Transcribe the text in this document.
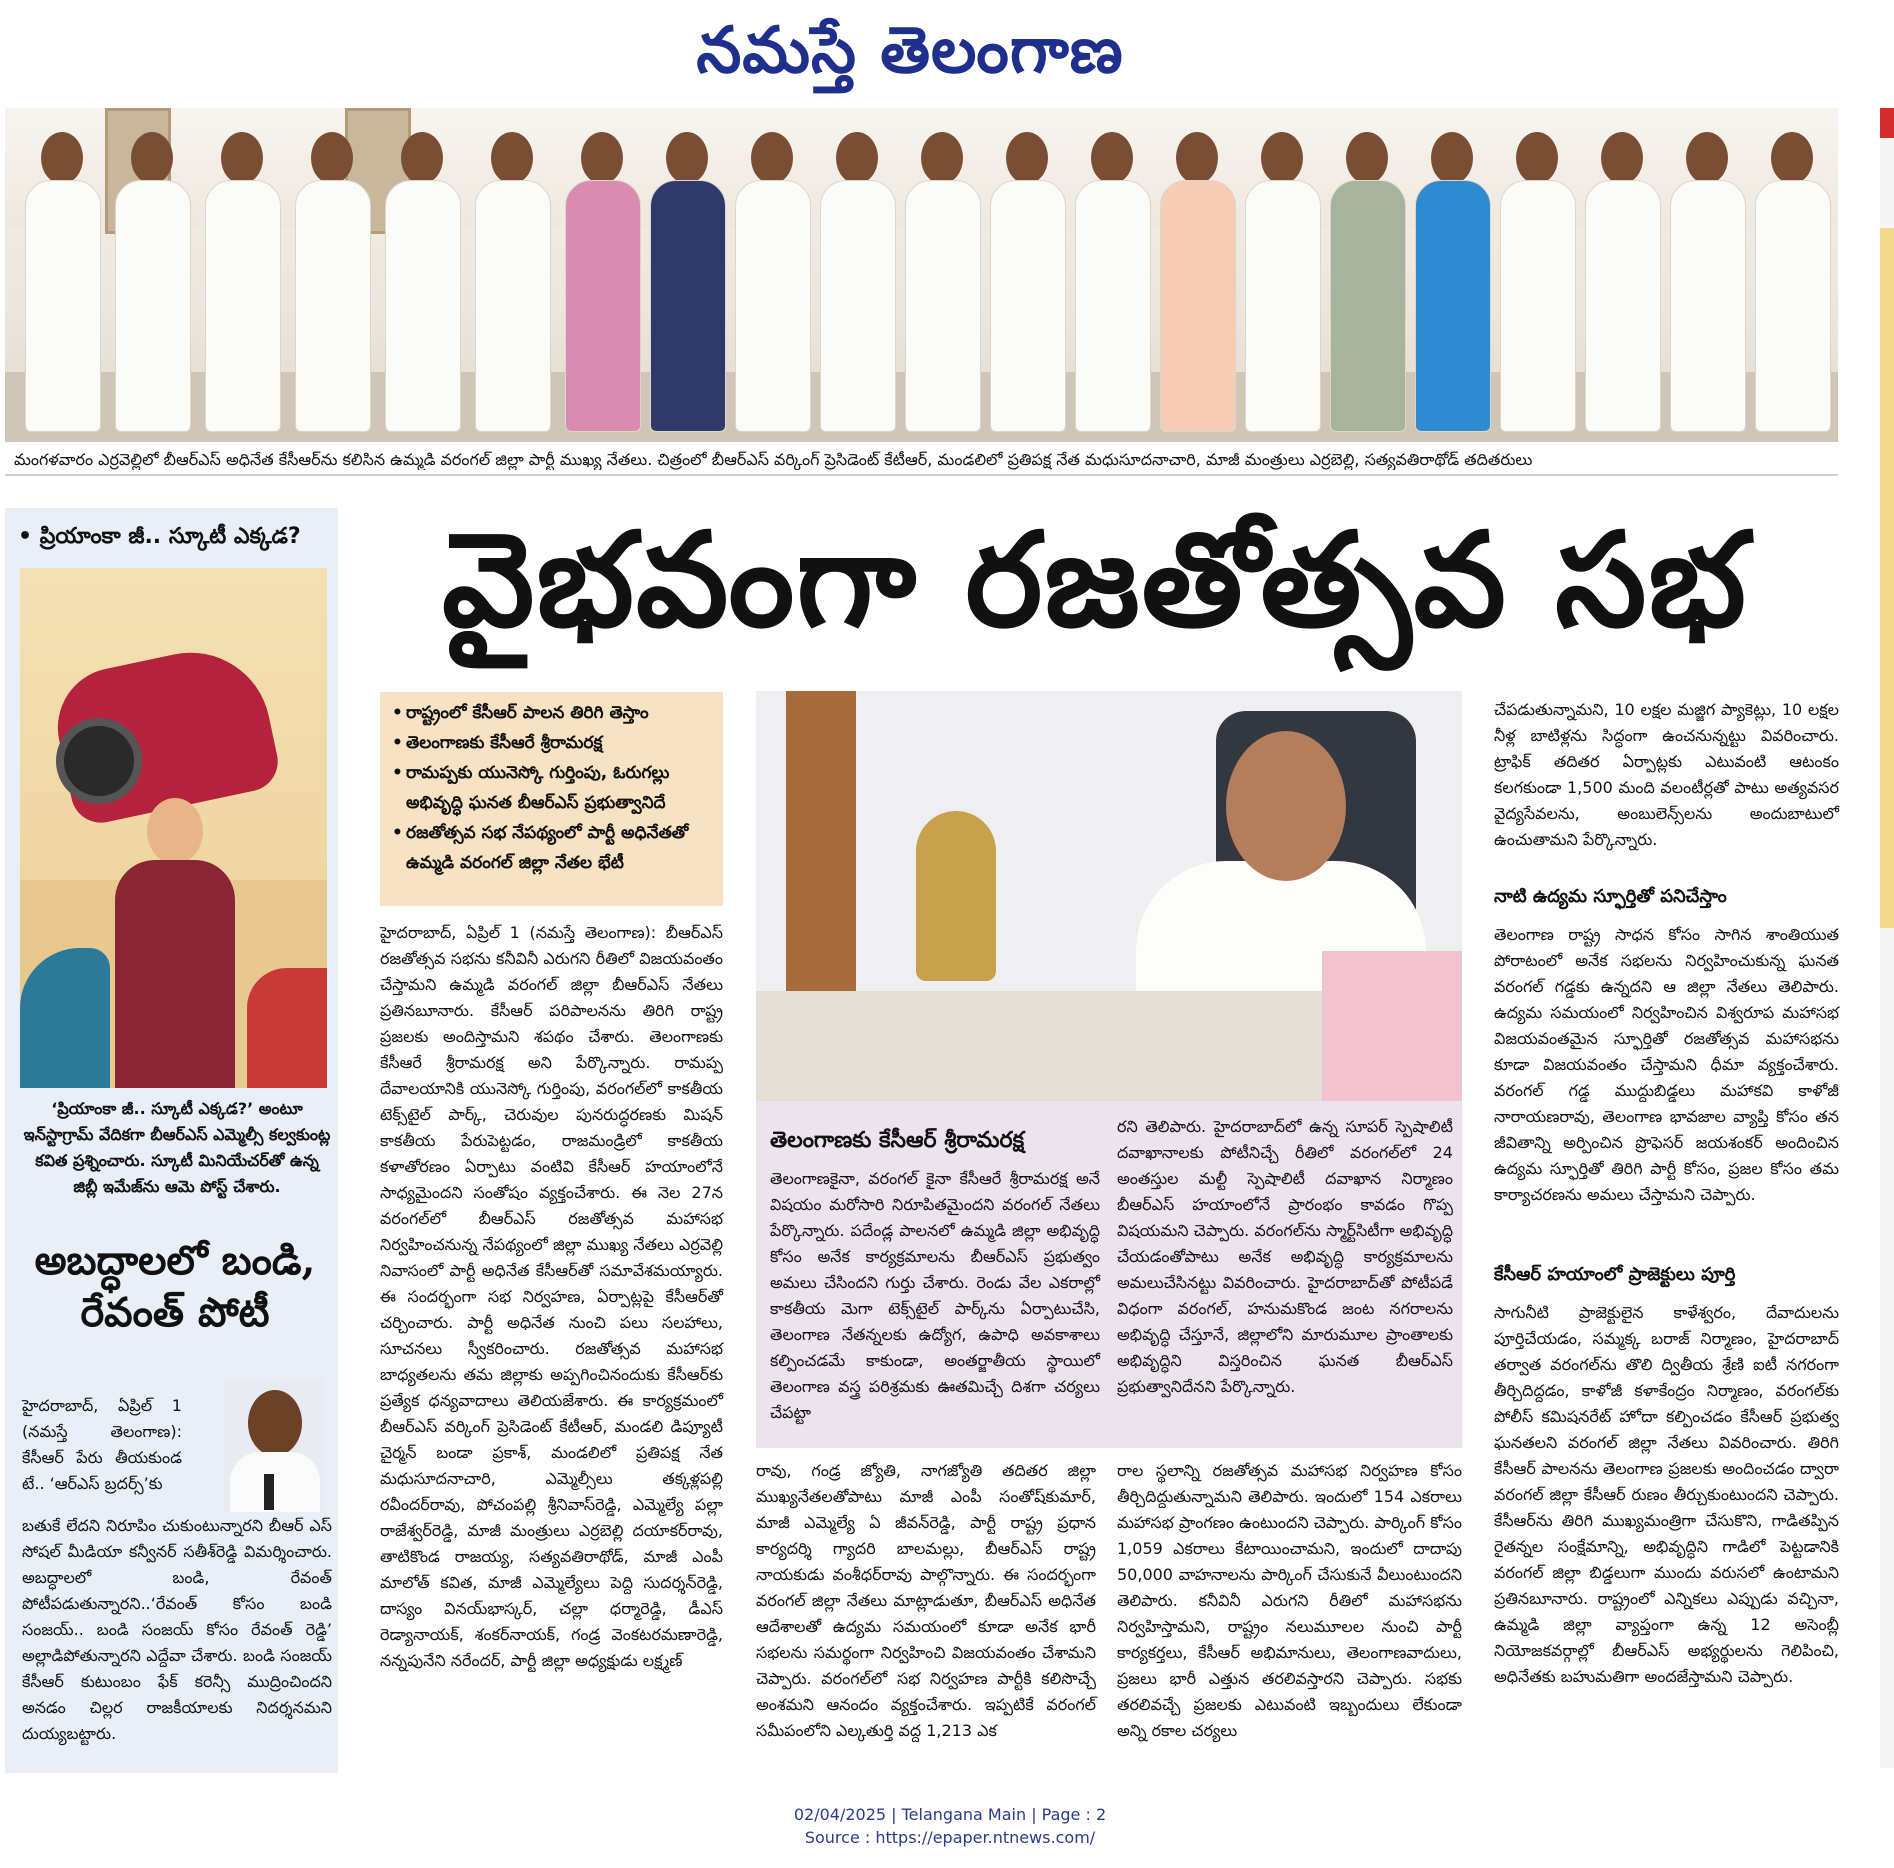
నమస్తే తెలంగాణ
మంగళవారం ఎర్రవెల్లిలో బీఆర్ఎస్ అధినేత కేసీఆర్‌ను కలిసిన ఉమ్మడి వరంగల్ జిల్లా పార్టీ ముఖ్య నేతలు. చిత్రంలో బీఆర్ఎస్ వర్కింగ్ ప్రెసిడెంట్ కేటీఆర్, మండలిలో ప్రతిపక్ష నేత మధుసూదనాచారి, మాజీ మంత్రులు ఎర్రబెల్లి, సత్యవతిరాథోడ్ తదితరులు
• ప్రియాంకా జీ.. స్కూటీ ఎక్కడ?
‘ప్రియాంకా జీ.. స్కూటీ ఎక్కడ?’ అంటూ ఇన్‌స్టాగ్రామ్ వేదికగా బీఆర్ఎస్ ఎమ్మెల్సీ కల్వకుంట్ల కవిత ప్రశ్నించారు. స్కూటీ మినియేచర్‌తో ఉన్న జిబ్లీ ఇమేజ్‌ను ఆమె పోస్ట్ చేశారు.
అబద్ధాలలో బండి, రేవంత్ పోటీ
హైదరాబాద్, ఏప్రిల్ 1 (నమస్తే తెలంగాణ): కేసీఆర్ పేరు తీయకుండ టే.. ‘ఆర్ఎస్ బ్రదర్స్’కు
బతుకే లేదని నిరూపిం చుకుంటున్నారని బీఆర్ ఎస్ సోషల్ మీడియా కన్వీనర్ సతీశ్‌రెడ్డి విమర్శించారు. అబద్ధాలలో బండి, రేవంత్ పోటీపడుతున్నారని..‘రేవంత్ కోసం బండి సంజయ్.. బండి సంజయ్ కోసం రేవంత్ రెడ్డి’ అల్లాడిపోతున్నారని ఎద్దేవా చేశారు. బండి సంజయ్ కేసీఆర్ కుటుంబం ఫేక్ కరెన్సీ ముద్రించిందని అనడం చిల్లర రాజకీయాలకు నిదర్శనమని దుయ్యబట్టారు.
వైభవంగా రజతోత్సవ సభ
• రాష్ట్రంలో కేసీఆర్ పాలన తిరిగి తెస్తాం
• తెలంగాణకు కేసీఆరే శ్రీరామరక్ష
• రామప్పకు యునెస్కో గుర్తింపు, ఓరుగల్లు అభివృద్ధి ఘనత బీఆర్ఎస్ ప్రభుత్వానిదే
• రజతోత్సవ సభ నేపథ్యంలో పార్టీ అధినేతతో ఉమ్మడి వరంగల్ జిల్లా నేతల భేటీ
హైదరాబాద్, ఏప్రిల్ 1 (నమస్తే తెలంగాణ): బీఆర్ఎస్ రజతోత్సవ సభను కనీవినీ ఎరుగని రీతిలో విజయవంతం చేస్తామని ఉమ్మడి వరంగల్ జిల్లా బీఆర్ఎస్ నేతలు ప్రతినబూనారు. కేసీఆర్ పరిపాలనను తిరిగి రాష్ట్ర ప్రజలకు అందిస్తామని శపథం చేశారు. తెలంగాణకు కేసీఆరే శ్రీరామరక్ష అని పేర్కొన్నారు. రామప్ప దేవాలయానికి యునెస్కో గుర్తింపు, వరంగల్‌లో కాకతీయ టెక్స్‌టైల్ పార్క్, చెరువుల పునరుద్ధరణకు మిషన్ కాకతీయ పేరుపెట్టడం, రాజమండ్రిలో కాకతీయ కళాతోరణం ఏర్పాటు వంటివి కేసీఆర్ హయాంలోనే సాధ్యమైందని సంతోషం వ్యక్తంచేశారు. ఈ నెల 27న వరంగల్‌లో బీఆర్ఎస్ రజతోత్సవ మహాసభ నిర్వహించనున్న నేపథ్యంలో జిల్లా ముఖ్య నేతలు ఎర్రవెల్లి నివాసంలో పార్టీ అధినేత కేసీఆర్‌తో సమావేశమయ్యారు. ఈ సందర్భంగా సభ నిర్వహణ, ఏర్పాట్లపై కేసీఆర్‌తో చర్చించారు. పార్టీ అధినేత నుంచి పలు సలహాలు, సూచనలు స్వీకరించారు. రజతోత్సవ మహాసభ బాధ్యతలను తమ జిల్లాకు అప్పగించినందుకు కేసీఆర్‌కు ప్రత్యేక ధన్యవాదాలు తెలియజేశారు. ఈ కార్యక్రమంలో బీఆర్ఎస్ వర్కింగ్ ప్రెసిడెంట్ కేటీఆర్, మండలి డిప్యూటీ చైర్మన్ బండా ప్రకాశ్, మండలిలో ప్రతిపక్ష నేత మధుసూదనాచారి, ఎమ్మెల్సీలు తక్కళ్లపల్లి రవీందర్‌రావు, పోచంపల్లి శ్రీనివాస్‌రెడ్డి, ఎమ్మెల్యే పల్లా రాజేశ్వర్‌రెడ్డి, మాజీ మంత్రులు ఎర్రబెల్లి దయాకర్‌రావు, తాటికొండ రాజయ్య, సత్యవతిరాథోడ్, మాజీ ఎంపీ మాలోత్ కవిత, మాజీ ఎమ్మెల్యేలు పెద్ది సుదర్శన్‌రెడ్డి, దాస్యం వినయ్‌భాస్కర్, చల్లా ధర్మారెడ్డి, డీఎస్ రెడ్యానాయక్, శంకర్‌నాయక్, గండ్ర వెంకటరమణారెడ్డి, నన్నపునేని నరేందర్, పార్టీ జిల్లా అధ్యక్షుడు లక్ష్మణ్
తెలంగాణకు కేసీఆర్ శ్రీరామరక్ష
తెలంగాణకైనా, వరంగల్ కైనా కేసీఆరే శ్రీరామరక్ష అనే విషయం మరోసారి నిరూపితమైందని వరంగల్ నేతలు పేర్కొన్నారు. పదేండ్ల పాలనలో ఉమ్మడి జిల్లా అభివృద్ధి కోసం అనేక కార్యక్రమాలను బీఆర్ఎస్ ప్రభుత్వం అమలు చేసిందని గుర్తు చేశారు. రెండు వేల ఎకరాల్లో కాకతీయ మెగా టెక్స్‌టైల్ పార్క్‌ను ఏర్పాటుచేసి, తెలంగాణ నేతన్నలకు ఉద్యోగ, ఉపాధి అవకాశాలు కల్పించడమే కాకుండా, అంతర్జాతీయ స్థాయిలో తెలంగాణ వస్త్ర పరిశ్రమకు ఊతమిచ్చే దిశగా చర్యలు చేపట్టా
రని తెలిపారు. హైదరాబాద్‌లో ఉన్న సూపర్ స్పెషాలిటీ దవాఖానాలకు పోటీనిచ్చే రీతిలో వరంగల్‌లో 24 అంతస్తుల మల్టీ స్పెషాలిటీ దవాఖాన నిర్మాణం బీఆర్ఎస్ హయాంలోనే ప్రారంభం కావడం గొప్ప విషయమని చెప్పారు. వరంగల్‌ను స్మార్ట్‌సిటీగా అభివృద్ధి చేయడంతోపాటు అనేక అభివృద్ధి కార్యక్రమాలను అమలుచేసినట్టు వివరించారు. హైదరాబాద్‌తో పోటీపడే విధంగా వరంగల్, హనుమకొండ జంట నగరాలను అభివృద్ధి చేస్తూనే, జిల్లాలోని మారుమూల ప్రాంతాలకు అభివృద్ధిని విస్తరించిన ఘనత బీఆర్ఎస్ ప్రభుత్వానిదేనని పేర్కొన్నారు.
రావు, గండ్ర జ్యోతి, నాగజ్యోతి తదితర జిల్లా ముఖ్యనేతలతోపాటు మాజీ ఎంపీ సంతోష్‌కుమార్, మాజీ ఎమ్మెల్యే ఏ జీవన్‌రెడ్డి, పార్టీ రాష్ట్ర ప్రధాన కార్యదర్శి గ్యాదరి బాలమల్లు, బీఆర్ఎస్ రాష్ట్ర నాయకుడు వంశీధర్‌రావు పాల్గొన్నారు. ఈ సందర్భంగా వరంగల్ జిల్లా నేతలు మాట్లాడుతూ, బీఆర్ఎస్ అధినేత ఆదేశాలతో ఉద్యమ సమయంలో కూడా అనేక భారీ సభలను సమర్థంగా నిర్వహించి విజయవంతం చేశామని చెప్పారు. వరంగల్‌లో సభ నిర్వహణ పార్టీకి కలిసొచ్చే అంశమని ఆనందం వ్యక్తంచేశారు. ఇప్పటికే వరంగల్ సమీపంలోని ఎల్కతుర్తి వద్ద 1,213 ఎక
రాల స్థలాన్ని రజతోత్సవ మహాసభ నిర్వహణ కోసం తీర్చిదిద్దుతున్నామని తెలిపారు. ఇందులో 154 ఎకరాలు మహాసభ ప్రాంగణం ఉంటుందని చెప్పారు. పార్కింగ్ కోసం 1,059 ఎకరాలు కేటాయించామని, ఇందులో దాదాపు 50,000 వాహనాలను పార్కింగ్ చేసుకునే వీలుంటుందని తెలిపారు. కనీవినీ ఎరుగని రీతిలో మహాసభను నిర్వహిస్తామని, రాష్ట్రం నలుమూలల నుంచి పార్టీ కార్యకర్తలు, కేసీఆర్ అభిమానులు, తెలంగాణవాదులు, ప్రజలు భారీ ఎత్తున తరలివస్తారని చెప్పారు. సభకు తరలివచ్చే ప్రజలకు ఎటువంటి ఇబ్బందులు లేకుండా అన్ని రకాల చర్యలు
చేపడుతున్నామని, 10 లక్షల మజ్జిగ ప్యాకెట్లు, 10 లక్షల నీళ్ల బాటిళ్లను సిద్ధంగా ఉంచనున్నట్టు వివరించారు. ట్రాఫిక్ తదితర ఏర్పాట్లకు ఎటువంటి ఆటంకం కలగకుండా 1,500 మంది వలంటీర్లతో పాటు అత్యవసర వైద్యసేవలను, అంబులెన్స్‌లను అందుబాటులో ఉంచుతామని పేర్కొన్నారు.
నాటి ఉద్యమ స్ఫూర్తితో పనిచేస్తాం
తెలంగాణ రాష్ట్ర సాధన కోసం సాగిన శాంతియుత పోరాటంలో అనేక సభలను నిర్వహించుకున్న ఘనత వరంగల్ గడ్డకు ఉన్నదని ఆ జిల్లా నేతలు తెలిపారు. ఉద్యమ సమయంలో నిర్వహించిన విశ్వరూప మహాసభ విజయవంతమైన స్ఫూర్తితో రజతోత్సవ మహాసభను కూడా విజయవంతం చేస్తామని ధీమా వ్యక్తంచేశారు. వరంగల్ గడ్డ ముద్దుబిడ్డలు మహాకవి కాళోజీ నారాయణరావు, తెలంగాణ భావజాల వ్యాప్తి కోసం తన జీవితాన్ని అర్పించిన ప్రొఫెసర్ జయశంకర్ అందించిన ఉద్యమ స్ఫూర్తితో తిరిగి పార్టీ కోసం, ప్రజల కోసం తమ కార్యాచరణను అమలు చేస్తామని చెప్పారు.
కేసీఆర్ హయాంలో ప్రాజెక్టులు పూర్తి
సాగునీటి ప్రాజెక్టులైన కాళేశ్వరం, దేవాదులను పూర్తిచేయడం, సమ్మక్క బరాజ్ నిర్మాణం, హైదరాబాద్ తర్వాత వరంగల్‌ను తొలి ద్వితీయ శ్రేణి ఐటీ నగరంగా తీర్చిదిద్దడం, కాళోజీ కళాకేంద్రం నిర్మాణం, వరంగల్‌కు పోలీస్ కమిషనరేట్ హోదా కల్పించడం కేసీఆర్ ప్రభుత్వ ఘనతలని వరంగల్ జిల్లా నేతలు వివరించారు. తిరిగి కేసీఆర్ పాలనను తెలంగాణ ప్రజలకు అందించడం ద్వారా వరంగల్ జిల్లా కేసీఆర్ రుణం తీర్చుకుంటుందని చెప్పారు. కేసీఆర్‌ను తిరిగి ముఖ్యమంత్రిగా చేసుకొని, గాడితప్పిన రైతన్నల సంక్షేమాన్ని, అభివృద్ధిని గాడిలో పెట్టడానికి వరంగల్ జిల్లా బిడ్డలుగా ముందు వరుసలో ఉంటామని ప్రతినబూనారు. రాష్ట్రంలో ఎన్నికలు ఎప్పుడు వచ్చినా, ఉమ్మడి జిల్లా వ్యాప్తంగా ఉన్న 12 అసెంబ్లీ నియోజకవర్గాల్లో బీఆర్ఎస్ అభ్యర్థులను గెలిపించి, అధినేతకు బహుమతిగా అందజేస్తామని చెప్పారు.
02/04/2025 | Telangana Main | Page : 2
Source : https://epaper.ntnews.com/
